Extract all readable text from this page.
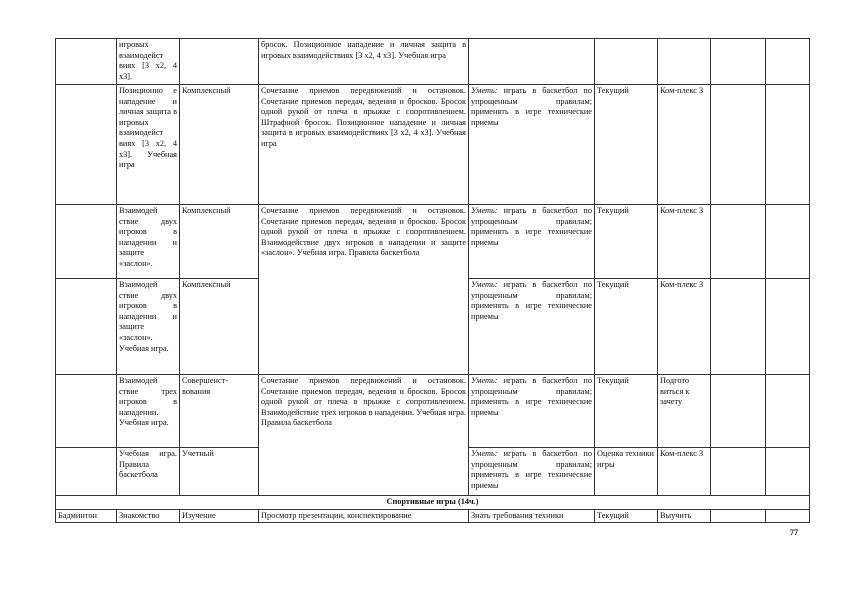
	игровых взаимодейст виях [3 х2, 4 х3].		бросок. Позиционное нападение и личная защита в игровых взаимодействиях [3 х2, 4 х3]. Учебная игра					
	Позиционно е нападение и личная защита в игровых взаимодейст виях [3 х2, 4 х3]. Учебная игра	Комплексный	Сочетание приемов передвижений и остановок. Сочетание приемов передач, ведения и бросков. Бросок одной рукой от плеча в прыжке с сопротивлением. Штрафной бросок. Позиционное нападение и личная защита в игровых взаимодействиях [3 х2, 4 х3]. Учебная игра	Уметь: играть в баскетбол по упрощенным правилам; применять в игре технические приемы	Текущий	Ком-плекс 3		
	Взаимодей ствие двух игроков в нападении и защите «заслон».	Комплексный	Сочетание приемов передвижений и остановок. Сочетание приемов передач, ведения и бросков. Бросок одной рукой от плеча в прыжке с сопротивлением. Взаимодействие двух игроков в нападении и защите «заслон». Учебная игра. Правила баскетбола	Уметь: играть в баскетбол по упрощенным правилам; применять в игре технические приемы	Текущий	Ком-плекс 3		
	Взаимодей ствие двух игроков в нападении и защите «заслон». Учебная игра.	Комплексный		Уметь: играть в баскетбол по упрощенным правилам; применять в игре технические приемы	Текущий	Ком-плекс 3		
	Взаимодей ствие трех игроков в нападении. Учебная игра.	Совершенст-вования	Сочетание приемов передвижений и остановок. Сочетание приемов передач, ведения и бросков. Бросок одной рукой от плеча в прыжке с сопротивлением. Взаимодействие трех игроков в нападении. Учебная игра. Правила баскетбола	Уметь: играть в баскетбол по упрощенным правилам; применять в игре технические приемы	Текущий	Подгото виться к зачету		
	Учебная игра. Правила баскетбола	Учетный		Уметь: играть в баскетбол по упрощенным правилам; применять в игре технические приемы	Оценка техники игры	Ком-плекс 3		
Спортивные игры (14ч.)								
Бадминтон	Знакомство	Изучение	Просмотр презентации, конспектирование	Знать требования техники	Текущий	Выучить		
77
